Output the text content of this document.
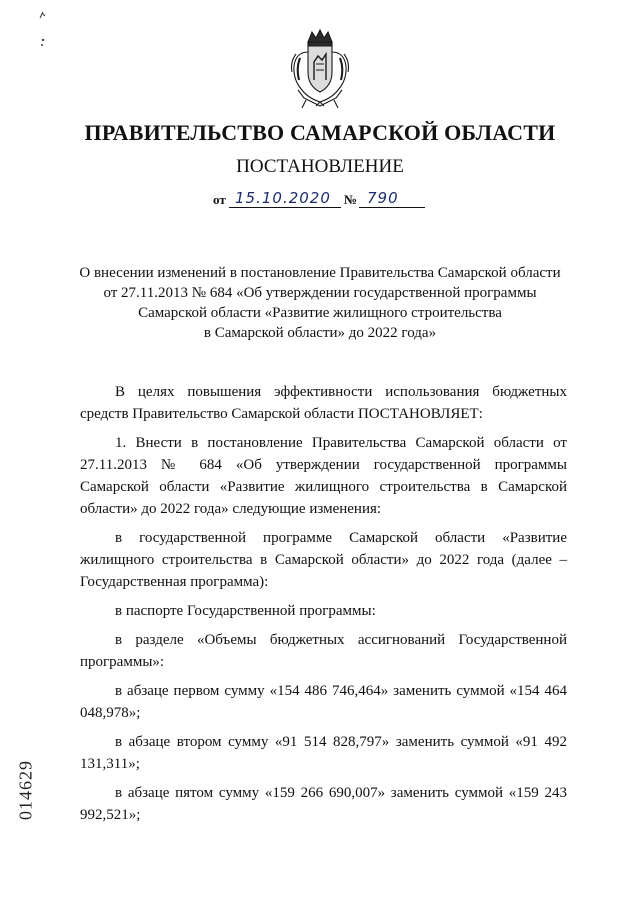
ПРАВИТЕЛЬСТВО САМАРСКОЙ ОБЛАСТИ
ПОСТАНОВЛЕНИЕ
от 15.10.2020 № 790
О внесении изменений в постановление Правительства Самарской области
от 27.11.2013 № 684 «Об утверждении государственной программы
Самарской области «Развитие жилищного строительства
в Самарской области» до 2022 года»

В целях повышения эффективности использования бюджетных средств Правительство Самарской области ПОСТАНОВЛЯЕТ:

1. Внести в постановление Правительства Самарской области от 27.11.2013 № 684 «Об утверждении государственной программы Самарской области «Развитие жилищного строительства в Самарской области» до 2022 года» следующие изменения:

в государственной программе Самарской области «Развитие жилищного строительства в Самарской области» до 2022 года (далее – Государственная программа):

в паспорте Государственной программы:

в разделе «Объемы бюджетных ассигнований Государственной программы»:

в абзаце первом сумму «154 486 746,464» заменить суммой «154 464 048,978»;

в абзаце втором сумму «91 514 828,797» заменить суммой «91 492 131,311»;

в абзаце пятом сумму «159 266 690,007» заменить суммой «159 243 992,521»;

014629
